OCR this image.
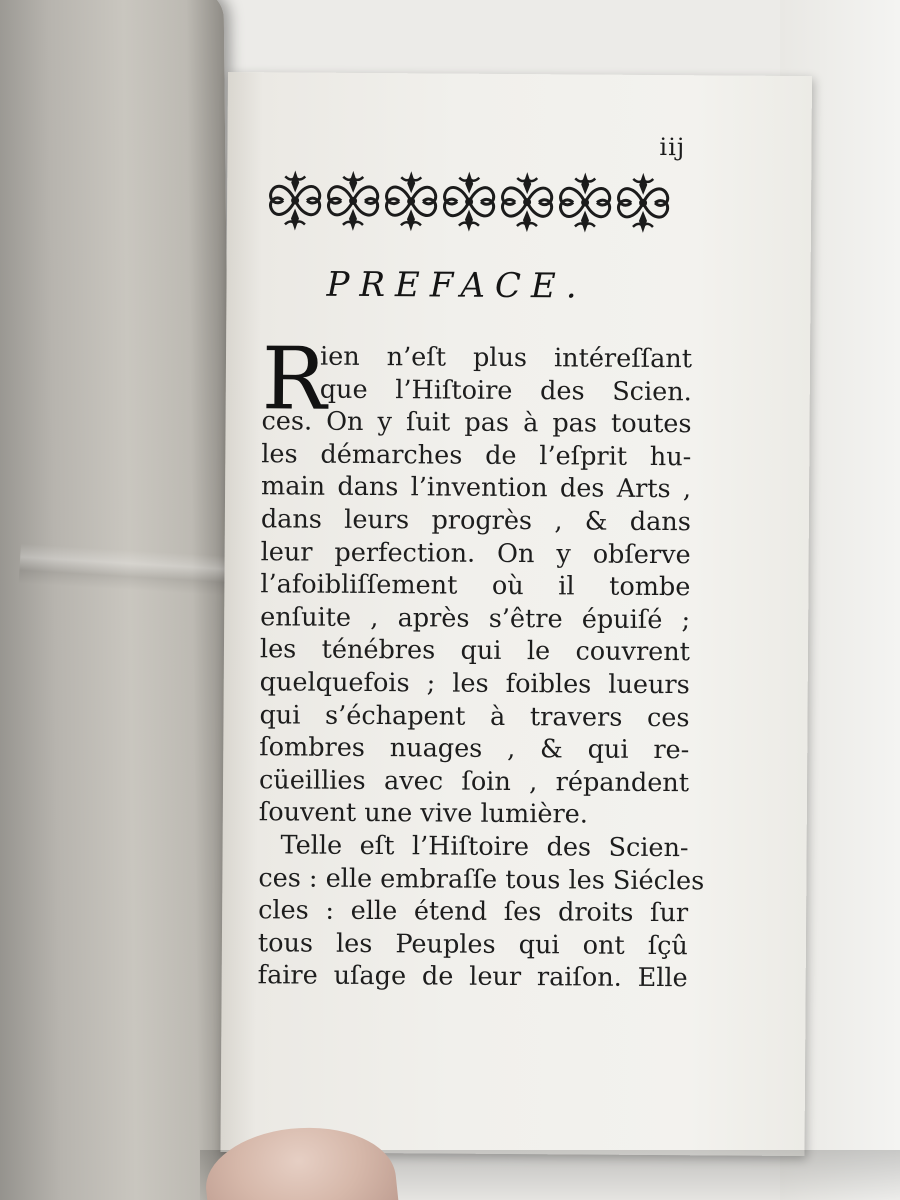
iij
PREFACE.
R
ien n’eſt plus intéreſſant
que l’Hiſtoire des Scien.
ces. On y ſuit pas à pas toutes
les démarches de l’eſprit hu-
main dans l’invention des Arts ,
dans leurs progrès , & dans
leur perfection. On y obſerve
l’afoibliſſement où il tombe
enſuite , après s’être épuiſé ;
les ténébres qui le couvrent
quelquefois ; les foibles lueurs
qui s’échapent à travers ces
ſombres nuages , & qui re-
cüeillies avec ſoin , répandent
ſouvent une vive lumière.
Telle eſt l’Hiſtoire des Scien-
ces : elle embraſſe tous les Siécles
cles : elle étend ſes droits ſur
tous les Peuples qui ont ſçû
faire uſage de leur raiſon. Elle
